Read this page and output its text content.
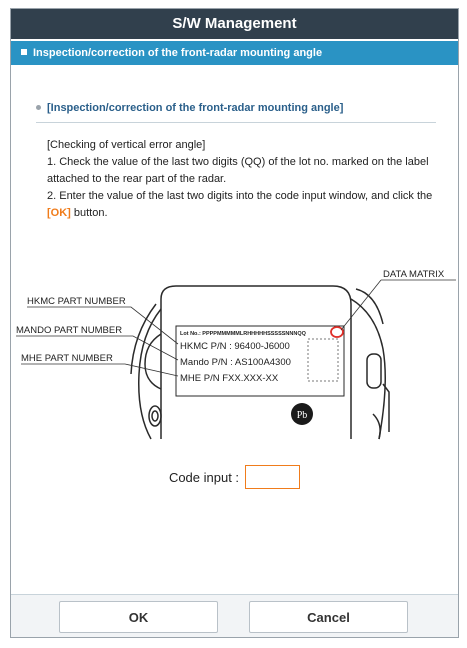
S/W Management
Inspection/correction of the front-radar mounting angle
[Inspection/correction of the front-radar mounting angle]

[Checking of vertical error angle]

1. Check the value of the last two digits (QQ) of the lot no. marked on the label attached to the rear part of the radar.

2. Enter the value of the last two digits into the code input window, and click the [OK] button.

Lot No.: PPPPMMMMMLRHHHHHSSSSSNNNQQ
HKMC P/N : 96400-J6000
Mando P/N : AS100A4300
MHE P/N FXX.XXX-XX
Pb
HKMC PART NUMBER
MANDO PART NUMBER
MHE PART NUMBER
DATA MATRIX
Code input :
OK	Cancel
